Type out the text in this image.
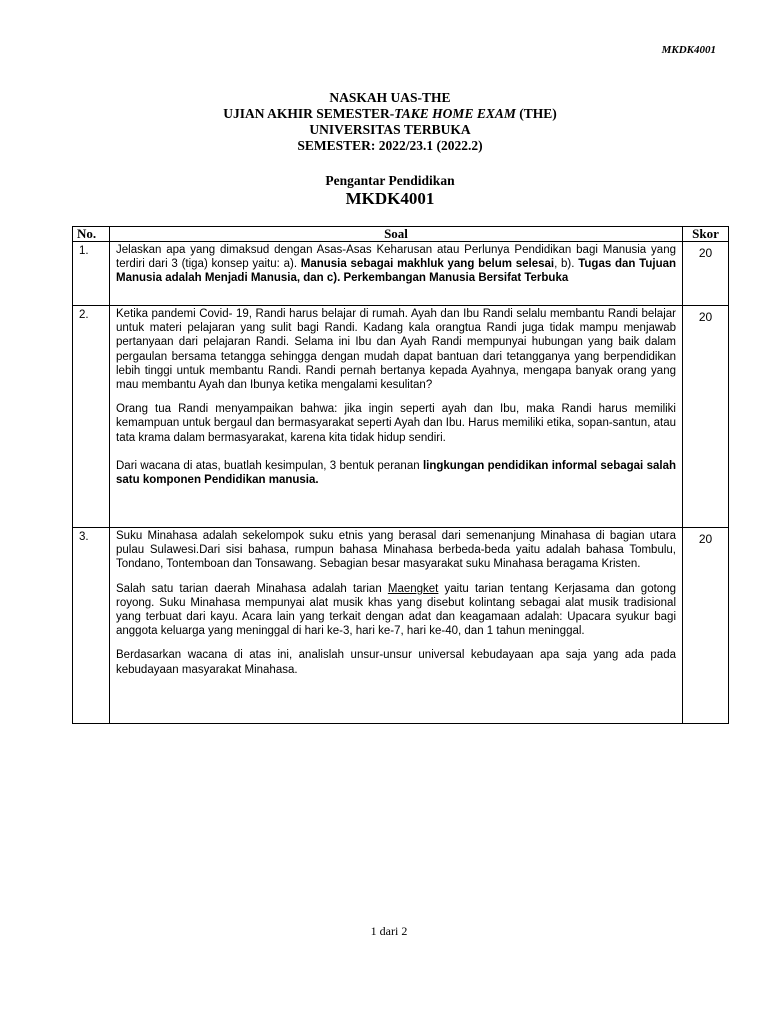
MKDK4001
NASKAH UAS-THE
UJIAN AKHIR SEMESTER-TAKE HOME EXAM (THE)
UNIVERSITAS TERBUKA
SEMESTER: 2022/23.1 (2022.2)
Pengantar Pendidikan
MKDK4001
No.	Soal	Skor
1.	Jelaskan apa yang dimaksud dengan Asas-Asas Keharusan atau Perlunya Pendidikan bagi Manusia yang terdiri dari 3 (tiga) konsep yaitu: a). Manusia sebagai makhluk yang belum selesai, b). Tugas dan Tujuan Manusia adalah Menjadi Manusia, dan c). Perkembangan Manusia Bersifat Terbuka	20
2.	Ketika pandemi Covid- 19, Randi harus belajar di rumah. Ayah dan Ibu Randi selalu membantu Randi belajar untuk materi pelajaran yang sulit bagi Randi. Kadang kala orangtua Randi juga tidak mampu menjawab pertanyaan dari pelajaran Randi. Selama ini Ibu dan Ayah Randi mempunyai hubungan yang baik dalam pergaulan bersama tetangga sehingga dengan mudah dapat bantuan dari tetangganya yang berpendidikan lebih tinggi untuk membantu Randi. Randi pernah bertanya kepada Ayahnya, mengapa banyak orang yang mau membantu Ayah dan Ibunya ketika mengalami kesulitan?

Orang tua Randi menyampaikan bahwa: jika ingin seperti ayah dan Ibu, maka Randi harus memiliki kemampuan untuk bergaul dan bermasyarakat seperti Ayah dan Ibu. Harus memiliki etika, sopan-santun, atau tata krama dalam bermasyarakat, karena kita tidak hidup sendiri.

Dari wacana di atas, buatlah kesimpulan, 3 bentuk peranan lingkungan pendidikan informal sebagai salah satu komponen Pendidikan manusia.	20
3.	Suku Minahasa adalah sekelompok suku etnis yang berasal dari semenanjung Minahasa di bagian utara pulau Sulawesi.Dari sisi bahasa, rumpun bahasa Minahasa berbeda-beda yaitu adalah bahasa Tombulu, Tondano, Tontemboan dan Tonsawang. Sebagian besar masyarakat suku Minahasa beragama Kristen.

Salah satu tarian daerah Minahasa adalah tarian Maengket yaitu tarian tentang Kerjasama dan gotong royong. Suku Minahasa mempunyai alat musik khas yang disebut kolintang sebagai alat musik tradisional yang terbuat dari kayu. Acara lain yang terkait dengan adat dan keagamaan adalah: Upacara syukur bagi anggota keluarga yang meninggal di hari ke-3, hari ke-7, hari ke-40, dan 1 tahun meninggal.

Berdasarkan wacana di atas ini, analislah unsur-unsur universal kebudayaan apa saja yang ada pada kebudayaan masyarakat Minahasa.	20
1 dari 2
